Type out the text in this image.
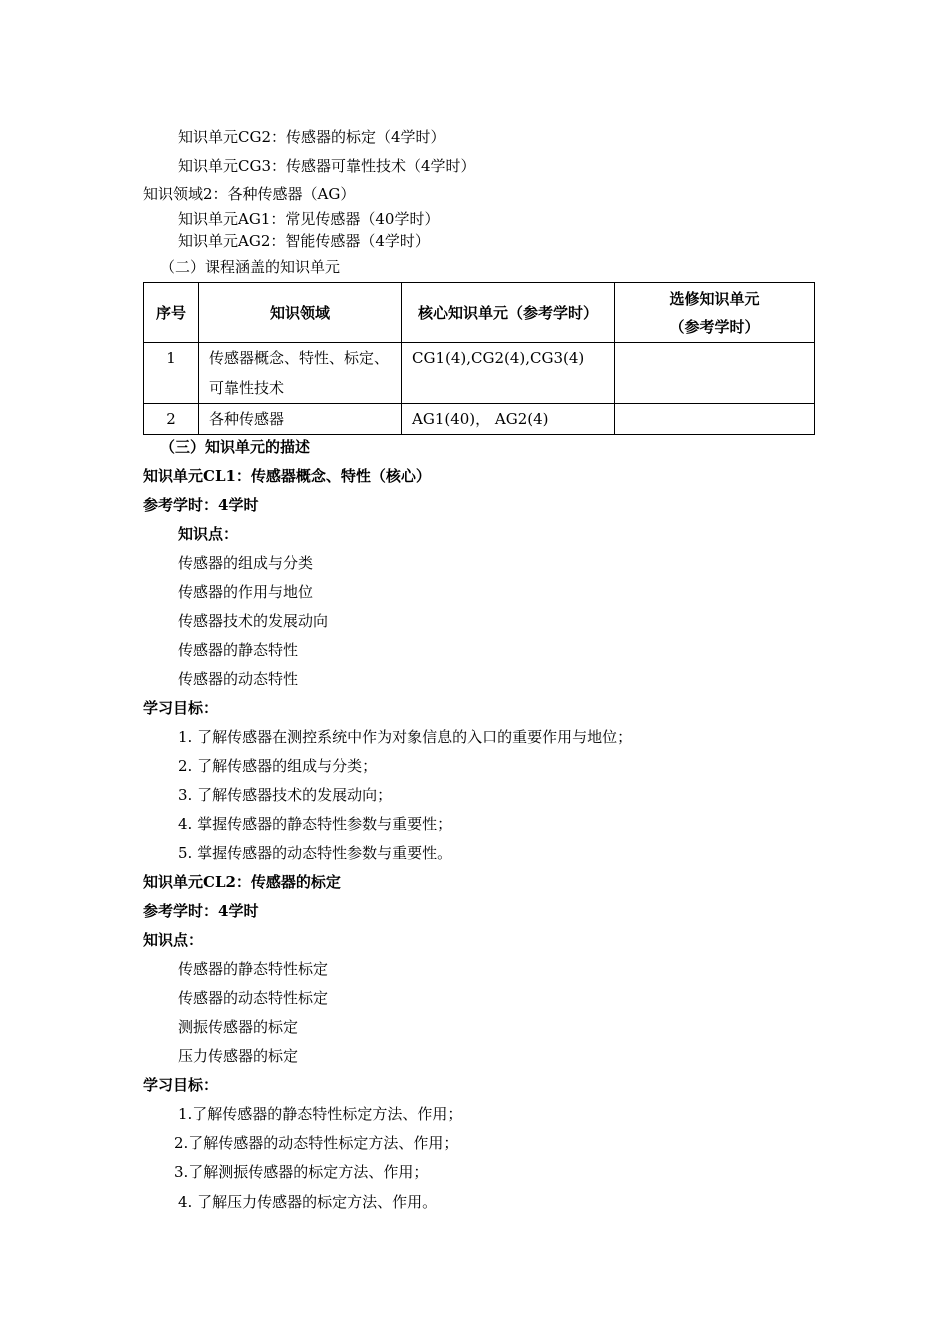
知识单元CG2：传感器的标定（4学时）
知识单元CG3：传感器可靠性技术（4学时）
知识领域2：各种传感器（AG）
知识单元AG1：常见传感器（40学时）
知识单元AG2：智能传感器（4学时）
（二）课程涵盖的知识单元
序号	知识领域	核心知识单元（参考学时）	选修知识单元
（参考学时）

1	传感器概念、特性、标定、
可靠性技术	CG1(4),CG2(4),CG3(4)	
2	各种传感器	AG1(40)， AG2(4)	
（三）知识单元的描述
知识单元CL1：传感器概念、特性（核心）
参考学时：4学时
知识点：
传感器的组成与分类
传感器的作用与地位
传感器技术的发展动向
传感器的静态特性
传感器的动态特性
学习目标：
1. 了解传感器在测控系统中作为对象信息的入口的重要作用与地位；
2. 了解传感器的组成与分类；
3. 了解传感器技术的发展动向；
4. 掌握传感器的静态特性参数与重要性；
5. 掌握传感器的动态特性参数与重要性。
知识单元CL2：传感器的标定
参考学时：4学时
知识点：
传感器的静态特性标定
传感器的动态特性标定
测振传感器的标定
压力传感器的标定
学习目标：
1.了解传感器的静态特性标定方法、作用；
2.了解传感器的动态特性标定方法、作用；
3.了解测振传感器的标定方法、作用；
4. 了解压力传感器的标定方法、作用。
